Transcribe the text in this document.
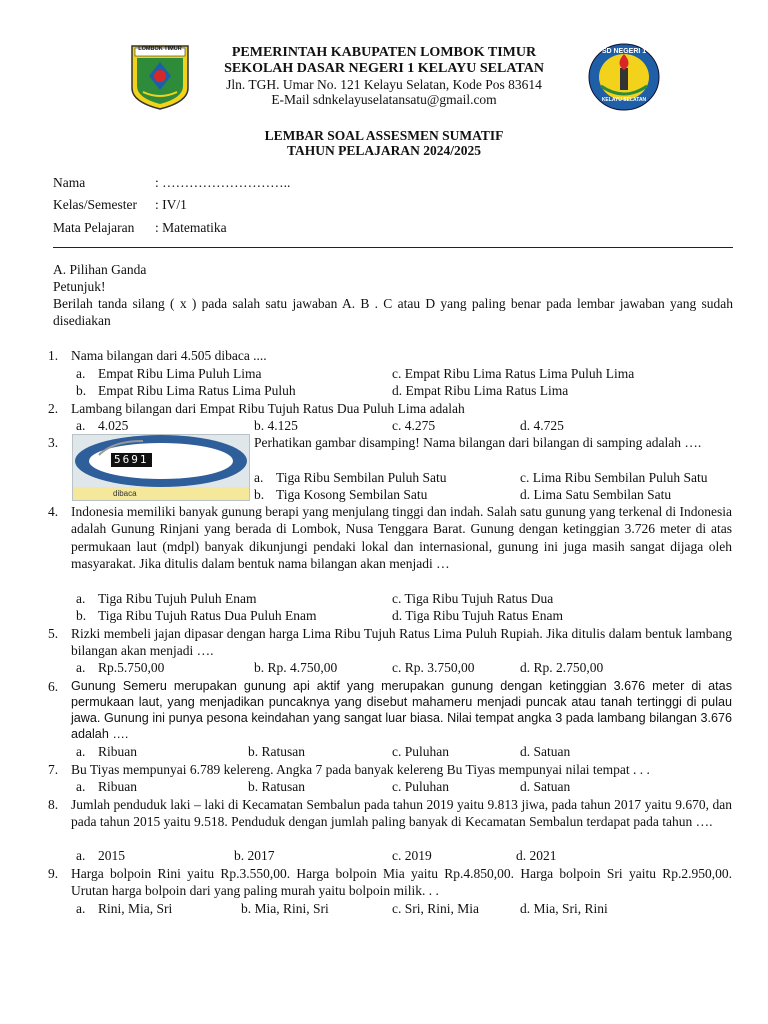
LOMBOK TIMUR	SD NEGERI 1
KELAYU SELATAN
PEMERINTAH KABUPATEN LOMBOK TIMUR
SEKOLAH DASAR NEGERI 1 KELAYU SELATAN
Jln. TGH. Umar No. 121 Kelayu Selatan, Kode Pos 83614
E-Mail sdnkelayuselatansatu@gmail.com
LEMBAR SOAL ASSESMEN SUMATIF
TAHUN PELAJARAN 2024/2025
Nama	: ………………………..
Kelas/Semester : IV/1
Mata Pelajaran : Matematika
A. Pilihan Ganda
Petunjuk!
Berilah tanda silang ( x ) pada salah satu jawaban A. B . C atau D yang paling benar pada lembar jawaban yang sudah disediakan
1. Nama bilangan dari 4.505 dibaca ....
a. Empat Ribu Lima Puluh Lima	c. Empat Ribu Lima Ratus Lima Puluh Lima
b. Empat Ribu Lima Ratus Lima Puluh	d. Empat Ribu Lima Ratus Lima
2. Lambang bilangan dari Empat Ribu Tujuh Ratus Dua Puluh Lima adalah
a. 4.025	b. 4.125	c. 4.275	d. 4.725
3.
5691
dibaca
Perhatikan gambar disamping! Nama bilangan dari bilangan di samping adalah ….
a. Tiga Ribu Sembilan Puluh Satu	c. Lima Ribu Sembilan Puluh Satu
b. Tiga Kosong Sembilan Satu	d. Lima Satu Sembilan Satu
4. Indonesia memiliki banyak gunung berapi yang menjulang tinggi dan indah. Salah satu gunung yang terkenal di Indonesia adalah Gunung Rinjani yang berada di Lombok, Nusa Tenggara Barat. Gunung dengan ketinggian 3.726 meter di atas permukaan laut (mdpl) banyak dikunjungi pendaki lokal dan internasional, gunung ini juga masih sangat dijaga oleh masyarakat. Jika ditulis dalam bentuk nama bilangan akan menjadi …
a. Tiga Ribu Tujuh Puluh Enam	c. Tiga Ribu Tujuh Ratus Dua
b. Tiga Ribu Tujuh Ratus Dua Puluh Enam	d. Tiga Ribu Tujuh Ratus Enam
5. Rizki membeli jajan dipasar dengan harga Lima Ribu Tujuh Ratus Lima Puluh Rupiah. Jika ditulis dalam bentuk lambang bilangan akan menjadi ….
a. Rp.5.750,00	b. Rp. 4.750,00	c. Rp. 3.750,00	d. Rp. 2.750,00
6. Gunung Semeru merupakan gunung api aktif yang merupakan gunung dengan ketinggian 3.676 meter di atas permukaan laut, yang menjadikan puncaknya yang disebut mahameru menjadi puncak atau tanah tertinggi di pulau jawa. Gunung ini punya pesona keindahan yang sangat luar biasa. Nilai tempat angka 3 pada lambang bilangan 3.676 adalah ….
a. Ribuan	b. Ratusan	c. Puluhan	d. Satuan
7. Bu Tiyas mempunyai 6.789 kelereng. Angka 7 pada banyak kelereng Bu Tiyas mempunyai nilai tempat . . .
a. Ribuan	b. Ratusan	c. Puluhan	d. Satuan
8. Jumlah penduduk laki – laki di Kecamatan Sembalun pada tahun 2019 yaitu 9.813 jiwa, pada tahun 2017 yaitu 9.670, dan pada tahun 2015 yaitu 9.518. Penduduk dengan jumlah paling banyak di Kecamatan Sembalun terdapat pada tahun ….
a. 2015	b. 2017	c. 2019	d. 2021
9. Harga bolpoin Rini yaitu Rp.3.550,00. Harga bolpoin Mia yaitu Rp.4.850,00. Harga bolpoin Sri yaitu Rp.2.950,00. Urutan harga bolpoin dari yang paling murah yaitu bolpoin milik. . .
a. Rini, Mia, Sri	b. Mia, Rini, Sri	c. Sri, Rini, Mia	d. Mia, Sri, Rini
